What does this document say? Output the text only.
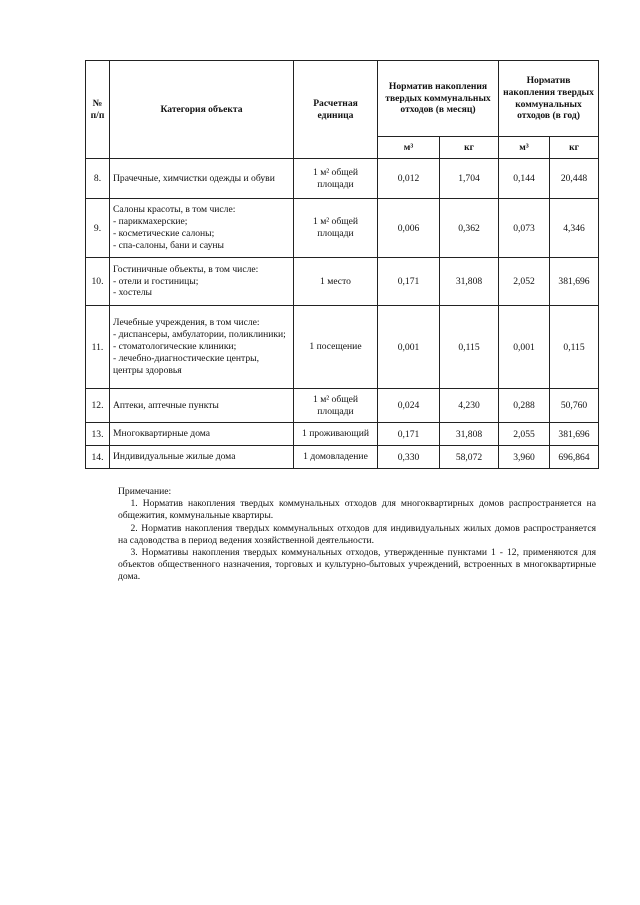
№ п/п	Категория объекта	Расчетная единица	Норматив накопления твердых коммунальных отходов (в месяц)		Норматив накопления твердых коммунальных отходов (в год)	
			м³	кг	м³	кг
8.	Прачечные, химчистки одежды и обуви	1 м² общей площади	0,012	1,704	0,144	20,448
9.	Салоны красоты, в том числе:
- парикмахерские;
- косметические салоны;
- спа-салоны, бани и сауны	1 м² общей площади	0,006	0,362	0,073	4,346
10.	Гостиничные объекты, в том числе:
- отели и гостиницы;
- хостелы	1 место	0,171	31,808	2,052	381,696
11.	Лечебные учреждения, в том числе:
- диспансеры, амбулатории, поликлиники;
- стоматологические клиники;
- лечебно-диагностические центры, центры здоровья	1 посещение	0,001	0,115	0,001	0,115
12.	Аптеки, аптечные пункты	1 м² общей площади	0,024	4,230	0,288	50,760
13.	Многоквартирные дома	1 проживающий	0,171	31,808	2,055	381,696
14.	Индивидуальные жилые дома	1 домовладение	0,330	58,072	3,960	696,864

Примечание:

1. Норматив накопления твердых коммунальных отходов для многоквартирных домов распространяется на общежития, коммунальные квартиры.

2. Норматив накопления твердых коммунальных отходов для индивидуальных жилых домов распространяется на садоводства в период ведения хозяйственной деятельности.

3. Нормативы накопления твердых коммунальных отходов, утвержденные пунктами 1 - 12, применяются для объектов общественного назначения, торговых и культурно-бытовых учреждений, встроенных в многоквартирные дома.
